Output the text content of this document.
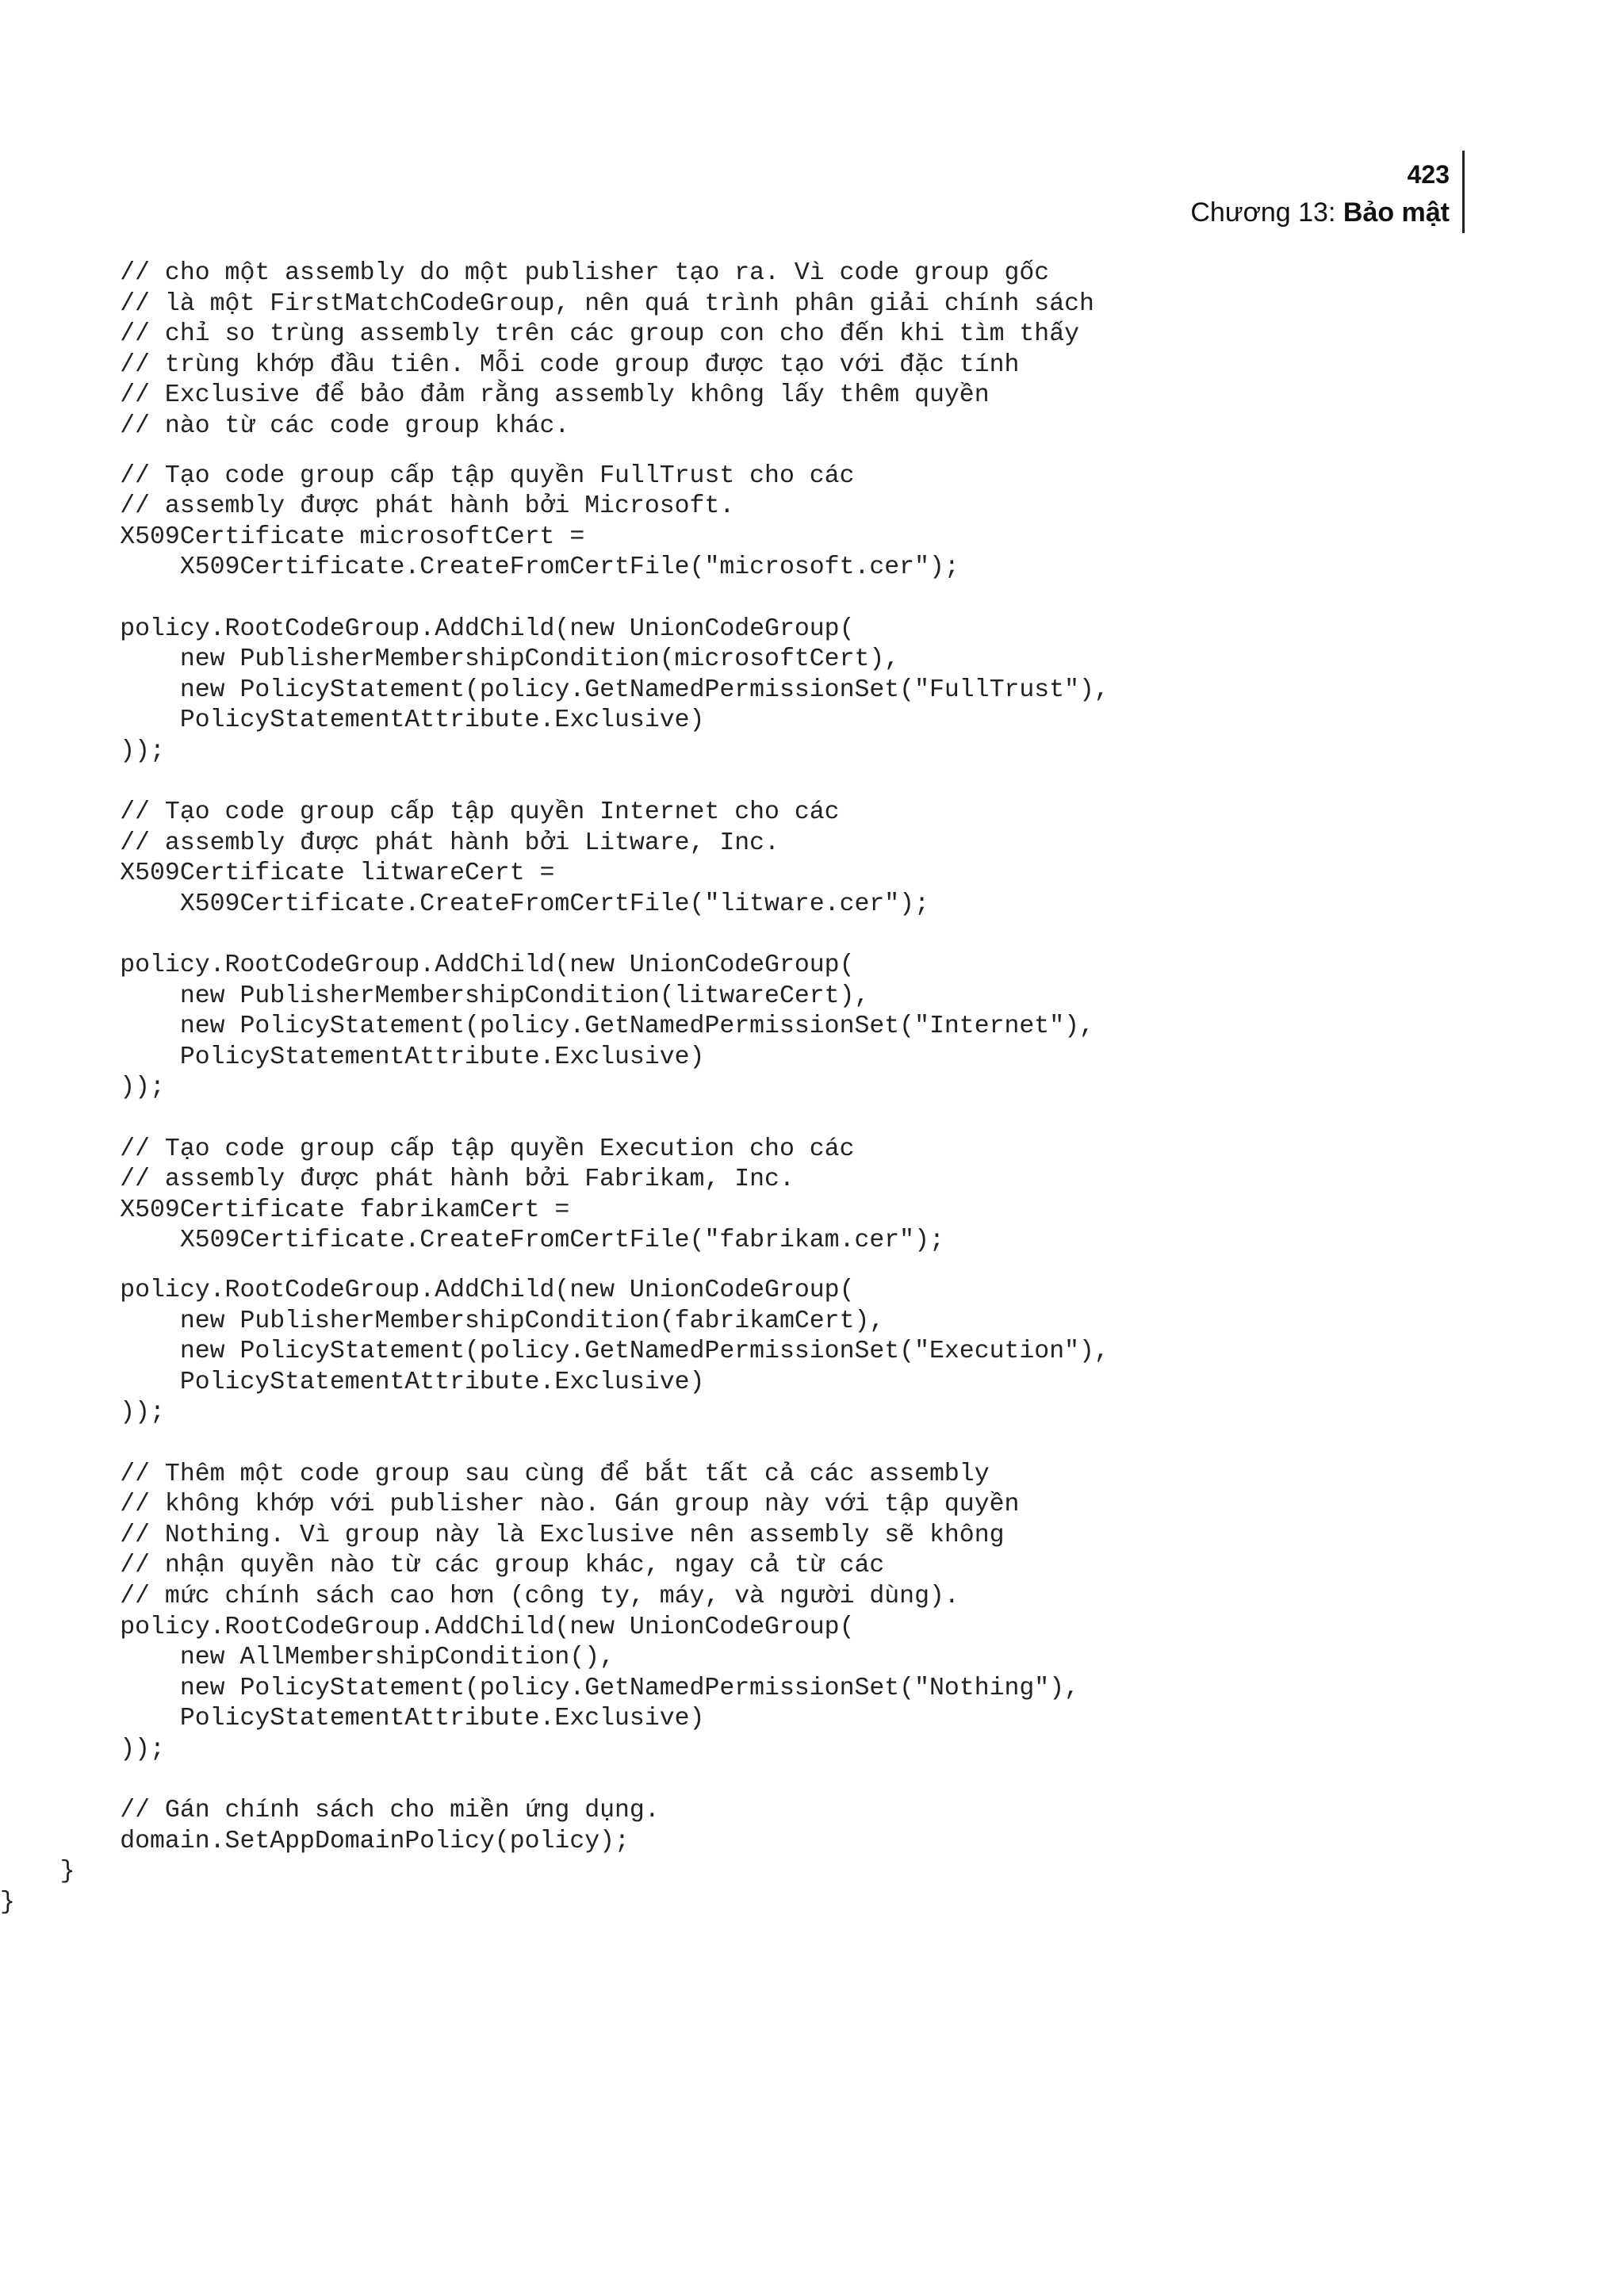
423
Chương 13: Bảo mật
// cho một assembly do một publisher tạo ra. Vì code group gốc
// là một FirstMatchCodeGroup, nên quá trình phân giải chính sách
// chỉ so trùng assembly trên các group con cho đến khi tìm thấy
// trùng khớp đầu tiên. Mỗi code group được tạo với đặc tính
// Exclusive để bảo đảm rằng assembly không lấy thêm quyền
// nào từ các code group khác.
// Tạo code group cấp tập quyền FullTrust cho các
// assembly được phát hành bởi Microsoft.
X509Certificate microsoftCert =
X509Certificate.CreateFromCertFile("microsoft.cer");
policy.RootCodeGroup.AddChild(new UnionCodeGroup(
new PublisherMembershipCondition(microsoftCert),
new PolicyStatement(policy.GetNamedPermissionSet("FullTrust"),
PolicyStatementAttribute.Exclusive)
));
// Tạo code group cấp tập quyền Internet cho các
// assembly được phát hành bởi Litware, Inc.
X509Certificate litwareCert =
X509Certificate.CreateFromCertFile("litware.cer");
policy.RootCodeGroup.AddChild(new UnionCodeGroup(
new PublisherMembershipCondition(litwareCert),
new PolicyStatement(policy.GetNamedPermissionSet("Internet"),
PolicyStatementAttribute.Exclusive)
));
// Tạo code group cấp tập quyền Execution cho các
// assembly được phát hành bởi Fabrikam, Inc.
X509Certificate fabrikamCert =
X509Certificate.CreateFromCertFile("fabrikam.cer");
policy.RootCodeGroup.AddChild(new UnionCodeGroup(
new PublisherMembershipCondition(fabrikamCert),
new PolicyStatement(policy.GetNamedPermissionSet("Execution"),
PolicyStatementAttribute.Exclusive)
));
// Thêm một code group sau cùng để bắt tất cả các assembly
// không khớp với publisher nào. Gán group này với tập quyền
// Nothing. Vì group này là Exclusive nên assembly sẽ không
// nhận quyền nào từ các group khác, ngay cả từ các
// mức chính sách cao hơn (công ty, máy, và người dùng).
policy.RootCodeGroup.AddChild(new UnionCodeGroup(
new AllMembershipCondition(),
new PolicyStatement(policy.GetNamedPermissionSet("Nothing"),
PolicyStatementAttribute.Exclusive)
));
// Gán chính sách cho miền ứng dụng.
domain.SetAppDomainPolicy(policy);
}
}
